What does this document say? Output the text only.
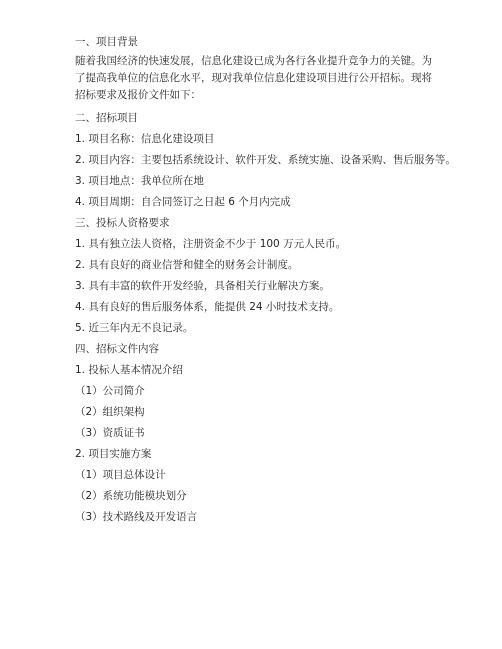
一、项目背景
随着我国经济的快速发展，信息化建设已成为各行各业提升竞争力的关键。为了提高我单位的信息化水平，现对我单位信息化建设项目进行公开招标。现将招标要求及报价文件如下：
二、招标项目
1. 项目名称：信息化建设项目
2. 项目内容：主要包括系统设计、软件开发、系统实施、设备采购、售后服务等。
3. 项目地点：我单位所在地
4. 项目周期：自合同签订之日起 6 个月内完成
三、投标人资格要求
1. 具有独立法人资格，注册资金不少于 100 万元人民币。
2. 具有良好的商业信誉和健全的财务会计制度。
3. 具有丰富的软件开发经验，具备相关行业解决方案。
4. 具有良好的售后服务体系，能提供 24 小时技术支持。
5. 近三年内无不良记录。
四、招标文件内容
1. 投标人基本情况介绍
（1）公司简介
（2）组织架构
（3）资质证书
2. 项目实施方案
（1）项目总体设计
（2）系统功能模块划分
（3）技术路线及开发语言
